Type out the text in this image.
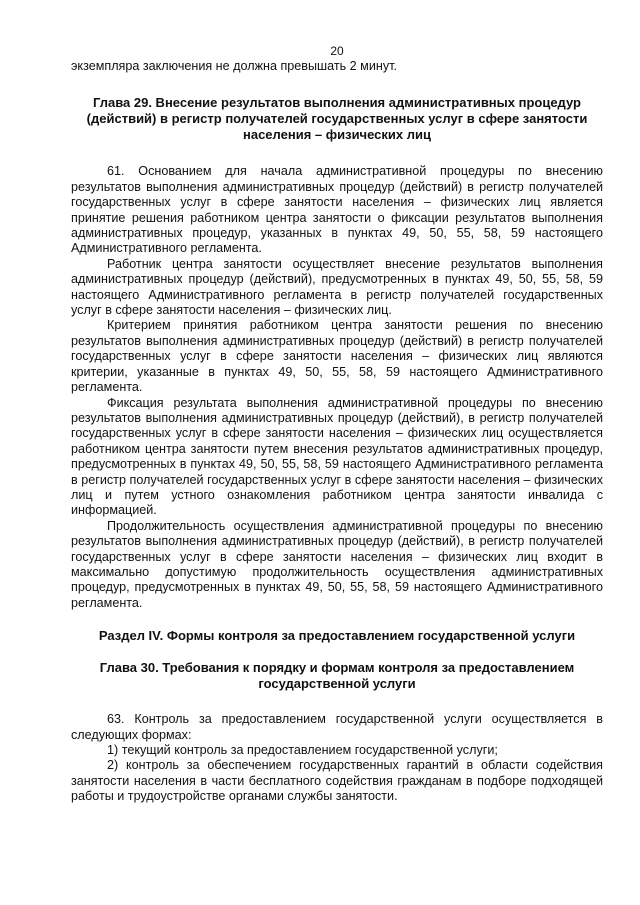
20

экземпляра заключения не должна превышать 2 минут.

Глава 29. Внесение результатов выполнения административных процедур (действий) в регистр получателей государственных услуг в сфере занятости населения – физических лиц

61. Основанием для начала административной процедуры по внесению результатов выполнения административных процедур (действий) в регистр получателей государственных услуг в сфере занятости населения – физических лиц является принятие решения работником центра занятости о фиксации результатов выполнения административных процедур, указанных в пунктах 49, 50, 55, 58, 59 настоящего Административного регламента.

Работник центра занятости осуществляет внесение результатов выполнения административных процедур (действий), предусмотренных в пунктах 49, 50, 55, 58, 59 настоящего Административного регламента в регистр получателей государственных услуг в сфере занятости населения – физических лиц.

Критерием принятия работником центра занятости решения по внесению результатов выполнения административных процедур (действий) в регистр получателей государственных услуг в сфере занятости населения – физических лиц являются критерии, указанные в пунктах 49, 50, 55, 58, 59 настоящего Административного регламента.

Фиксация результата выполнения административной процедуры по внесению результатов выполнения административных процедур (действий), в регистр получателей государственных услуг в сфере занятости населения – физических лиц осуществляется работником центра занятости путем внесения результатов административных процедур, предусмотренных в пунктах 49, 50, 55, 58, 59 настоящего Административного регламента в регистр получателей государственных услуг в сфере занятости населения – физических лиц и путем устного ознакомления работником центра занятости инвалида с информацией.

Продолжительность осуществления административной процедуры по внесению результатов выполнения административных процедур (действий), в регистр получателей государственных услуг в сфере занятости населения – физических лиц входит в максимально допустимую продолжительность осуществления административных процедур, предусмотренных в пунктах 49, 50, 55, 58, 59 настоящего Административного регламента.

Раздел IV. Формы контроля за предоставлением государственной услуги
Глава 30. Требования к порядку и формам контроля за предоставлением государственной услуги

63. Контроль за предоставлением государственной услуги осуществляется в следующих формах:

1) текущий контроль за предоставлением государственной услуги;

2) контроль за обеспечением государственных гарантий в области содействия занятости населения в части бесплатного содействия гражданам в подборе подходящей работы и трудоустройстве органами службы занятости.
